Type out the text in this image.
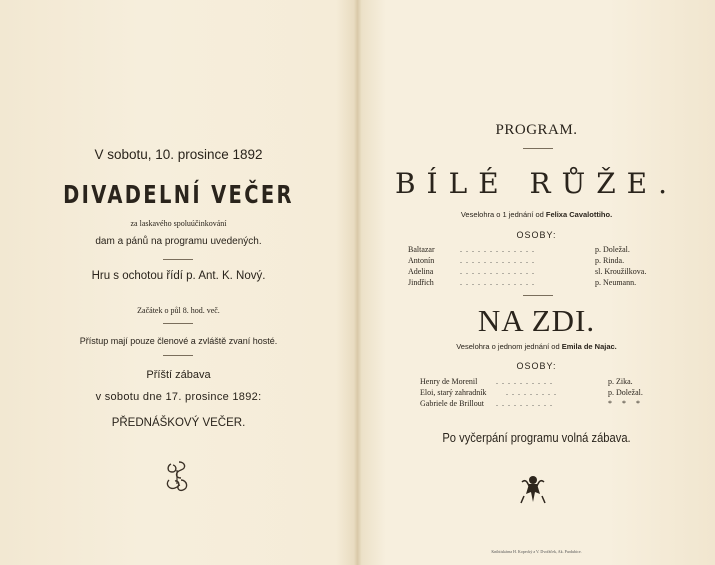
V sobotu, 10. prosince 1892
DIVADELNÍ VEČER
za laskavého spoluúčinkování
dam a pánů na programu uvedených.
Hru s ochotou řídí p. Ant. K. Nový.
Začátek o půl 8. hod. več.
Přístup mají pouze členové a zvláště zvaní hosté.
Příští zábava
v sobotu dne 17. prosince 1892:
PŘEDNÁŠKOVÝ VEČER.
PROGRAM.
BÍLÉ RŮŽE.
Veselohra o 1 jednání od Felixa Cavalottiho.
OSOBY:
Baltazar	.............	p. Doležal.
Antonín	.............	p. Rinda.
Adelina	.............	sl. Kroužilkova.
Jindřich	.............	p. Neumann.
NA ZDI.
Veselohra o jednom jednání od Emila de Najac.
OSOBY:
Henry de Morenil ..........	p. Zika.
Eloi, starý zahradník .........	p. Doležal.
Gabriele de Brillout ..........	* * *
Po vyčerpání programu volná zábava.
Knihtiskárna H. Kopecký a V. Dvořáček, Ak. Pardubice.
